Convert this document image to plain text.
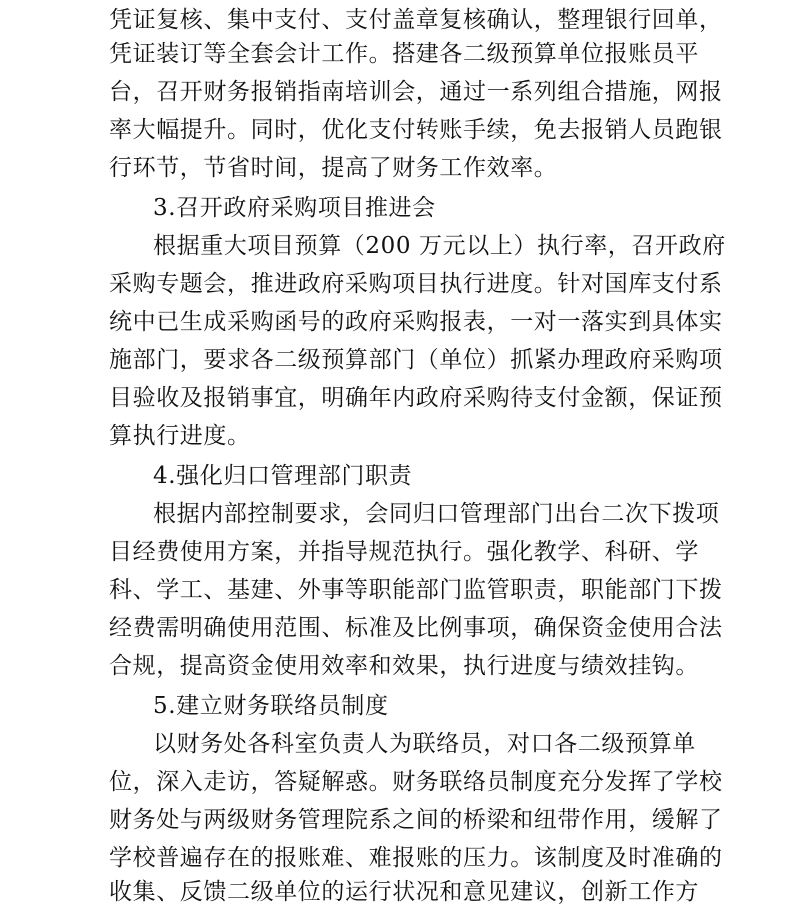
凭证复核、集中支付、支付盖章复核确认，整理银行回单，
凭证装订等全套会计工作。搭建各二级预算单位报账员平
台，召开财务报销指南培训会，通过一系列组合措施，网报
率大幅提升。同时，优化支付转账手续，免去报销人员跑银
行环节，节省时间，提高了财务工作效率。
3.召开政府采购项目推进会
根据重大项目预算（200 万元以上）执行率，召开政府
采购专题会，推进政府采购项目执行进度。针对国库支付系
统中已生成采购函号的政府采购报表，一对一落实到具体实
施部门，要求各二级预算部门（单位）抓紧办理政府采购项
目验收及报销事宜，明确年内政府采购待支付金额，保证预
算执行进度。
4.强化归口管理部门职责
根据内部控制要求，会同归口管理部门出台二次下拨项
目经费使用方案，并指导规范执行。强化教学、科研、学
科、学工、基建、外事等职能部门监管职责，职能部门下拨
经费需明确使用范围、标准及比例事项，确保资金使用合法
合规，提高资金使用效率和效果，执行进度与绩效挂钩。
5.建立财务联络员制度
以财务处各科室负责人为联络员，对口各二级预算单
位，深入走访，答疑解惑。财务联络员制度充分发挥了学校
财务处与两级财务管理院系之间的桥梁和纽带作用，缓解了
学校普遍存在的报账难、难报账的压力。该制度及时准确的
收集、反馈二级单位的运行状况和意见建议，创新工作方
